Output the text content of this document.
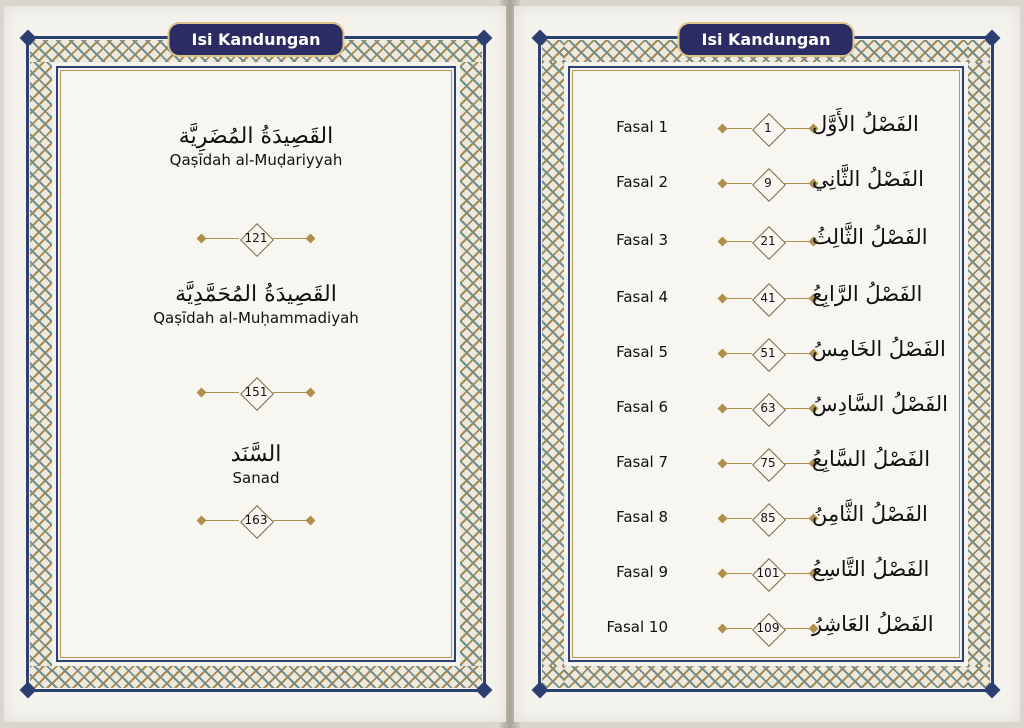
Isi Kandungan
القَصِيدَةُ المُضَرِيَّة
Qaṣīdah al-Muḍariyyah
121
القَصِيدَةُ المُحَمَّدِيَّة
Qaṣīdah al-Muḥammadiyah
151
السَّنَد
Sanad
163
Isi Kandungan
Fasal 1	1	الفَصْلُ الأَوَّل
Fasal 2	9	الفَصْلُ الثَّانِي
Fasal 3	21	الفَصْلُ الثَّالِثُ
Fasal 4	41	الفَصْلُ الرَّابِعُ
Fasal 5	51	الفَصْلُ الخَامِسُ
Fasal 6	63	الفَصْلُ السَّادِسُ
Fasal 7	75	الفَصْلُ السَّابِعُ
Fasal 8	85	الفَصْلُ الثَّامِنُ
Fasal 9	101	الفَصْلُ التَّاسِعُ
Fasal 10	109	الفَصْلُ العَاشِرُ
